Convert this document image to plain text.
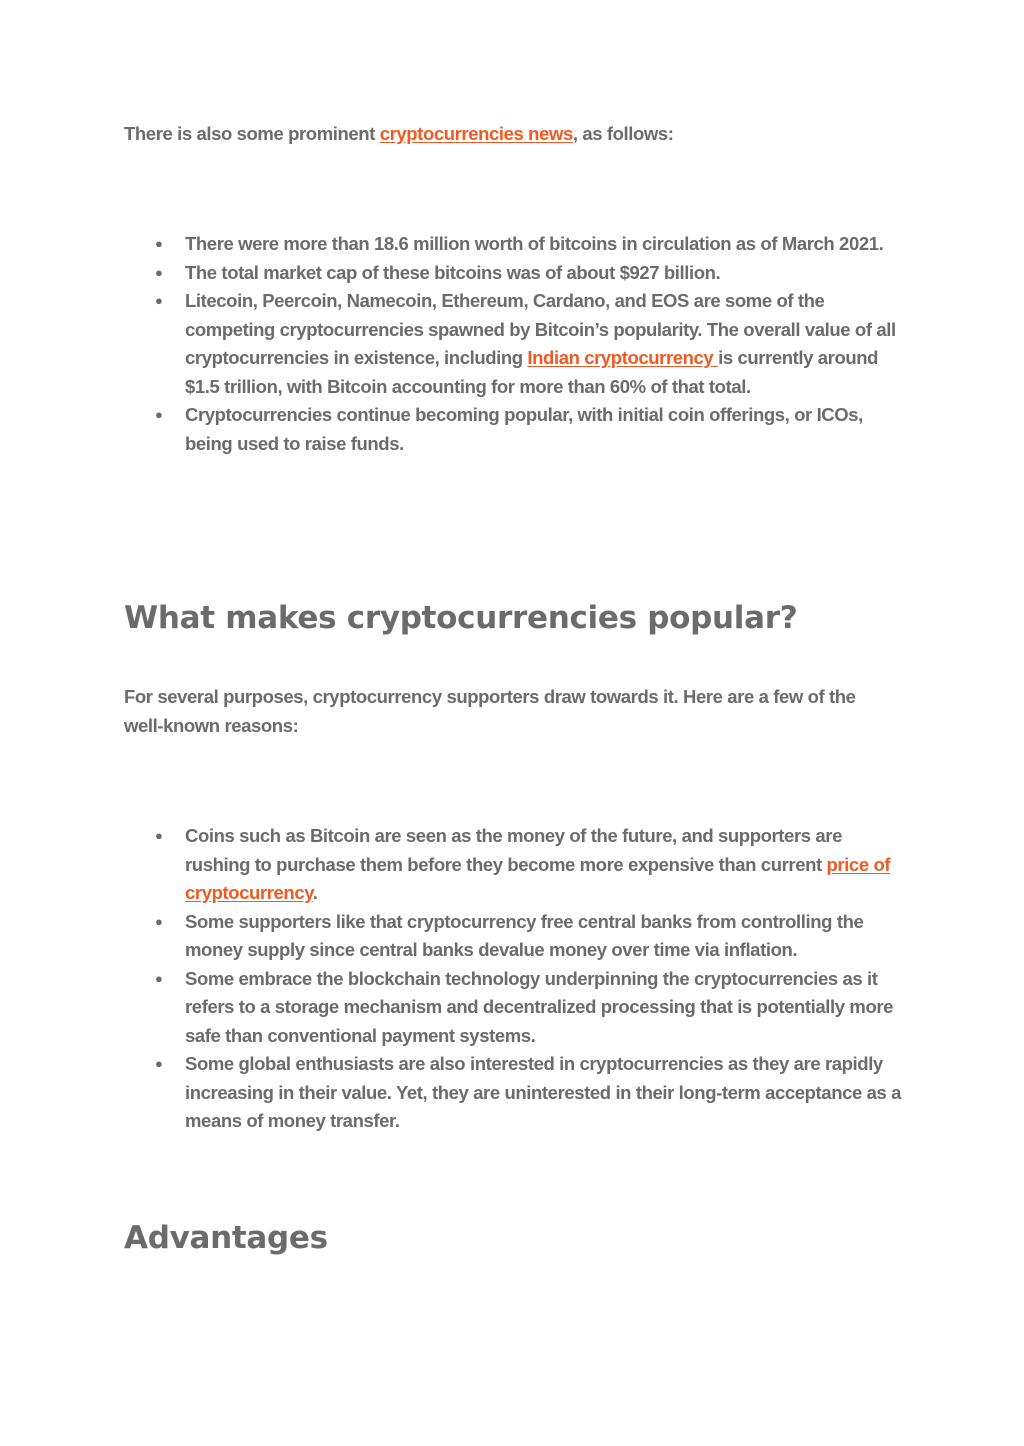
There is also some prominent cryptocurrencies news, as follows:

● There were more than 18.6 million worth of bitcoins in circulation as of March 2021.
● The total market cap of these bitcoins was of about $927 billion.
● Litecoin, Peercoin, Namecoin, Ethereum, Cardano, and EOS are some of the competing cryptocurrencies spawned by Bitcoin’s popularity. The overall value of all cryptocurrencies in existence, including Indian cryptocurrency is currently around $1.5 trillion, with Bitcoin accounting for more than 60% of that total.
● Cryptocurrencies continue becoming popular, with initial coin offerings, or ICOs, being used to raise funds.
What makes cryptocurrencies popular?

For several purposes, cryptocurrency supporters draw towards it. Here are a few of the well-known reasons:

● Coins such as Bitcoin are seen as the money of the future, and supporters are rushing to purchase them before they become more expensive than current price of cryptocurrency.
● Some supporters like that cryptocurrency free central banks from controlling the money supply since central banks devalue money over time via inflation.
● Some embrace the blockchain technology underpinning the cryptocurrencies as it refers to a storage mechanism and decentralized processing that is potentially more safe than conventional payment systems.
● Some global enthusiasts are also interested in cryptocurrencies as they are rapidly increasing in their value. Yet, they are uninterested in their long-term acceptance as a means of money transfer.
Advantages
